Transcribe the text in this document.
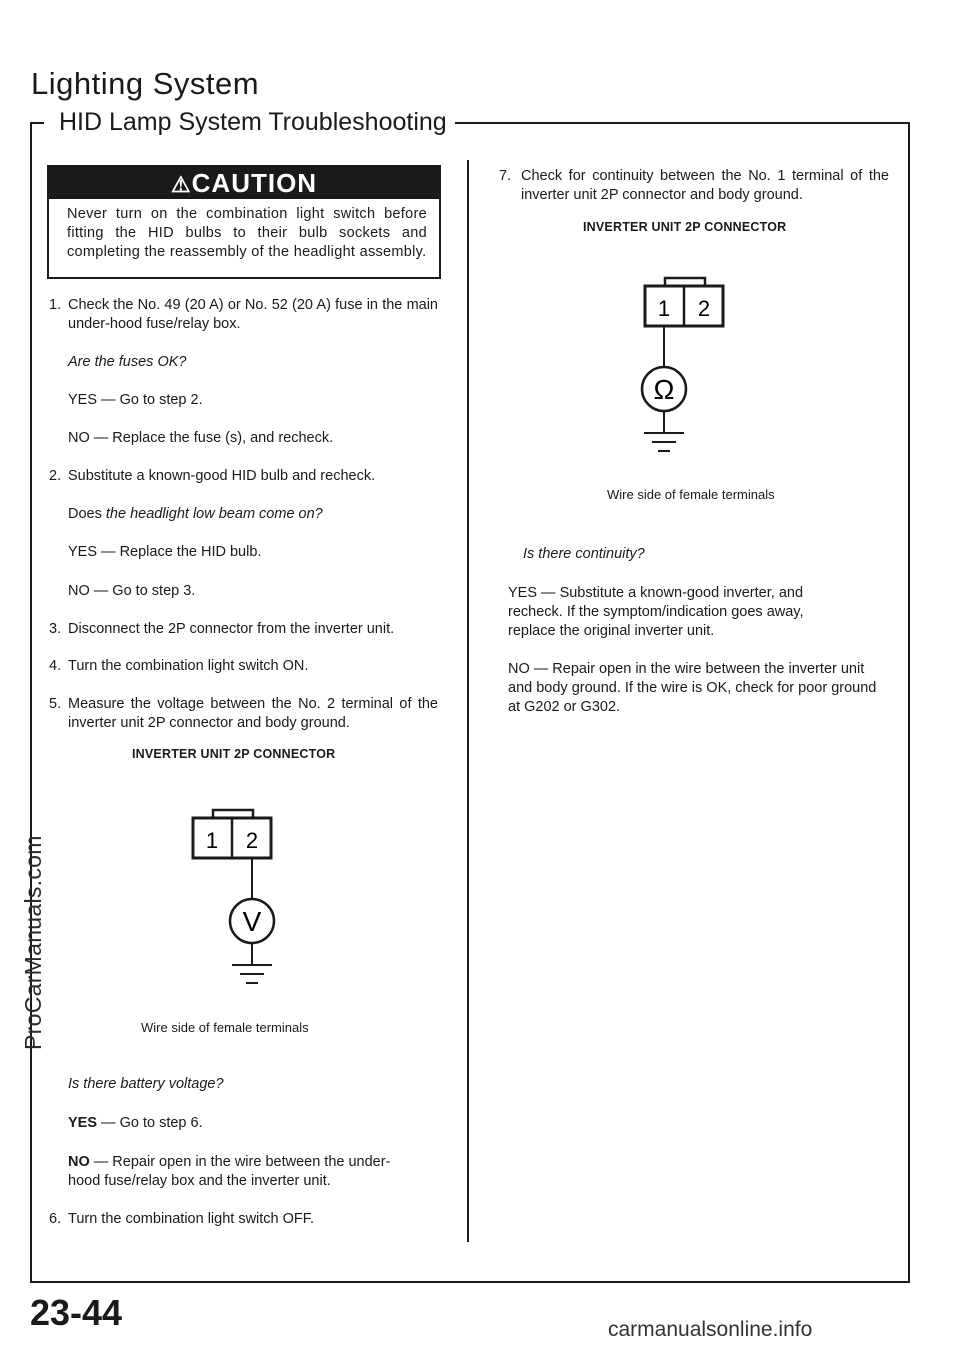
Lighting System
HID Lamp System Troubleshooting
⚠CAUTION
Never turn on the combination light switch before fitting the HID bulbs to their bulb sockets and completing the reassembly of the headlight assembly.
1. Check the No. 49 (20 A) or No. 52 (20 A) fuse in the main under-hood fuse/relay box.
Are the fuses OK?
YES — Go to step 2.
NO — Replace the fuse (s), and recheck.
2. Substitute a known-good HID bulb and recheck.
Does the headlight low beam come on?
YES — Replace the HID bulb.
NO — Go to step 3.
3. Disconnect the 2P connector from the inverter unit.
4. Turn the combination light switch ON.
5. Measure the voltage between the No. 2 terminal of the inverter unit 2P connector and body ground.
INVERTER UNIT 2P CONNECTOR
1 2
V
Wire side of female terminals
Is there battery voltage?
YES — Go to step 6.
NO — Repair open in the wire between the under-hood fuse/relay box and the inverter unit.
6. Turn the combination light switch OFF.
7. Check for continuity between the No. 1 terminal of the inverter unit 2P connector and body ground.
INVERTER UNIT 2P CONNECTOR
1 2
Ω
Wire side of female terminals
Is there continuity?
YES — Substitute a known-good inverter, and recheck. If the symptom/indication goes away, replace the original inverter unit.
NO — Repair open in the wire between the inverter unit and body ground. If the wire is OK, check for poor ground at G202 or G302.
ProCarManuals.com
23-44	carmanualsonline.info
